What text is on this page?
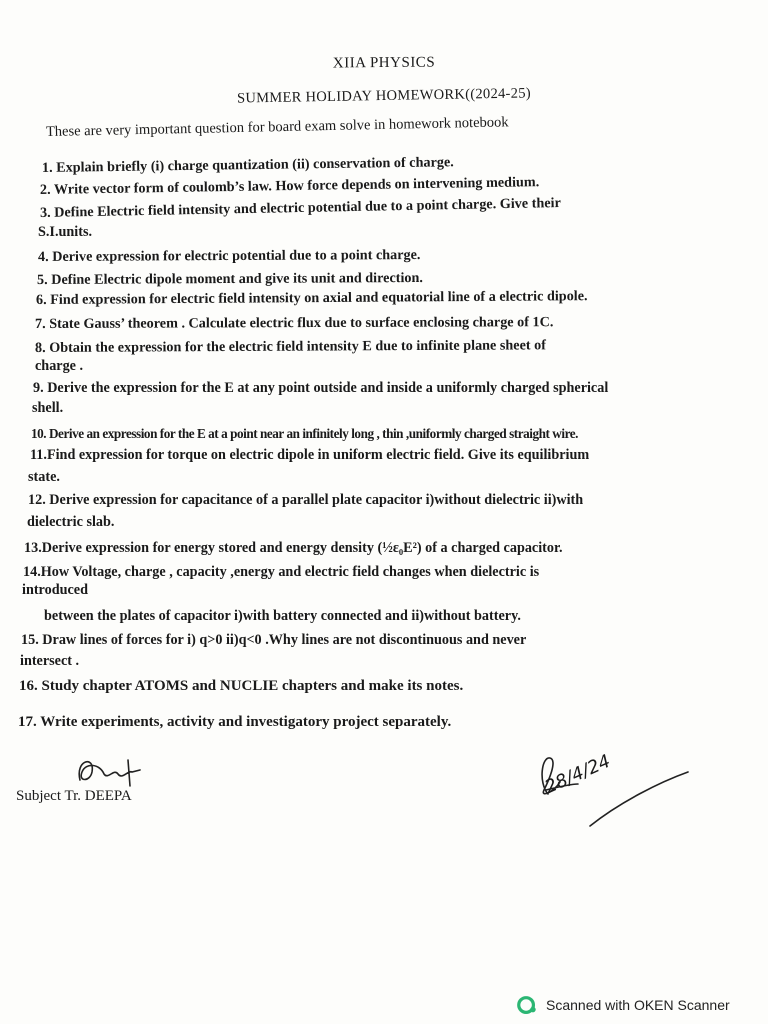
XIIA PHYSICS
SUMMER HOLIDAY HOMEWORK((2024-25)
These are very important question for board exam solve in homework notebook
1. Explain briefly (i) charge quantization (ii) conservation of charge.
2. Write vector form of coulomb’s law. How force depends on intervening medium.
3. Define Electric field intensity and electric potential due to a point charge. Give their
S.I.units.
4. Derive expression for electric potential due to a point charge.
5. Define Electric dipole moment and give its unit and direction.
6. Find expression for electric field intensity on axial and equatorial line of a electric dipole.
7. State Gauss’ theorem . Calculate electric flux due to surface enclosing charge of 1C.
8. Obtain the expression for the electric field intensity E due to infinite plane sheet of
charge .
9. Derive the expression for the E at any point outside and inside a uniformly charged spherical
shell.
10. Derive an expression for the E at a point near an infinitely long , thin ,uniformly charged straight wire.
11.Find expression for torque on electric dipole in uniform electric field. Give its equilibrium
state.
12. Derive expression for capacitance of a parallel plate capacitor i)without dielectric ii)with
dielectric slab.
13.Derive expression for energy stored and energy density (½ε₀E²) of a charged capacitor.
14.How Voltage, charge , capacity ,energy and electric field changes when dielectric is
introduced
between the plates of capacitor i)with battery connected and ii)without battery.
15. Draw lines of forces for i) q>0 ii)q<0 .Why lines are not discontinuous and never
intersect .
16. Study chapter ATOMS and NUCLIE chapters and make its notes.
17. Write experiments, activity and investigatory project separately.
Subject Tr. DEEPA	28/4/24
Scanned with OKEN Scanner
